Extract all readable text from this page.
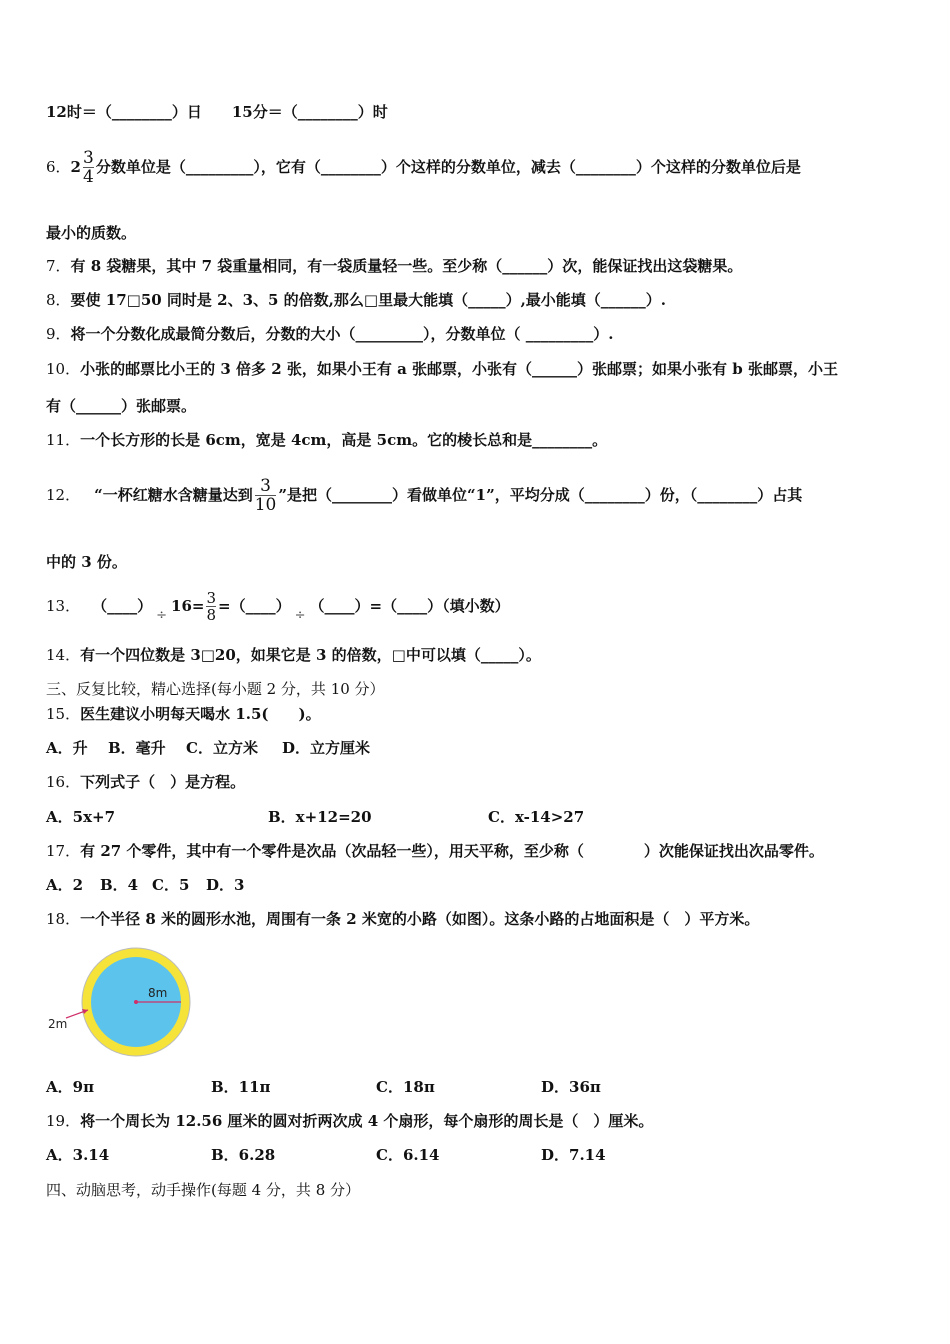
12时＝（________）日 15分＝（________）时
6．$2 \frac{3}{4}$ 分数单位是（_________），它有（________）个这样的分数单位，减去（________）个这样的分数单位后是
最小的质数。
7．有 8 袋糖果，其中 7 袋重量相同，有一袋质量轻一些。至少称（______）次，能保证找出这袋糖果。
8．要使 17□50 同时是 2、3、5 的倍数,那么□里最大能填（_____）,最小能填（______）.
9．将一个分数化成最简分数后，分数的大小（_________），分数单位（ _________）.
10．小张的邮票比小王的 3 倍多 2 张，如果小王有 a 张邮票，小张有（______）张邮票；如果小张有 b 张邮票，小王
有（______）张邮票。
11．一个长方形的长是 6cm，宽是 4cm，高是 5cm。它的棱长总和是________。
12． “一杯红糖水含糖量达到 $\frac{3}{10}$ ”是把（________）看做单位“1”，平均分成（________）份，（________）占其
中的 3 份。
13． （____）÷16= $\frac{3}{8}$ =（____）÷（____）=（____）（填小数）
14．有一个四位数是 3□20，如果它是 3 的倍数，□中可以填（_____）。
三、反复比较，精心选择(每小题 2 分，共 10 分）
15．医生建议小明每天喝水 1.5(　　)。
A．升 B．毫升 C．立方米 D．立方厘米
16．下列式子（　）是方程。
A．5x+7	B．x+12=20	C．x-14>27
17．有 27 个零件，其中有一个零件是次品（次品轻一些），用天平称，至少称（　　　　）次能保证找出次品零件。
A．2 B．4 C．5 D．3
18．一个半径 8 米的圆形水池，周围有一条 2 米宽的小路（如图）。这条小路的占地面积是（　）平方米。
8m
2m
A．9π	B．11π	C．18π	D．36π
19．将一个周长为 12.56 厘米的圆对折两次成 4 个扇形，每个扇形的周长是（　）厘米。
A．3.14	B．6.28	C．6.14	D．7.14
四、动脑思考，动手操作(每题 4 分，共 8 分）
